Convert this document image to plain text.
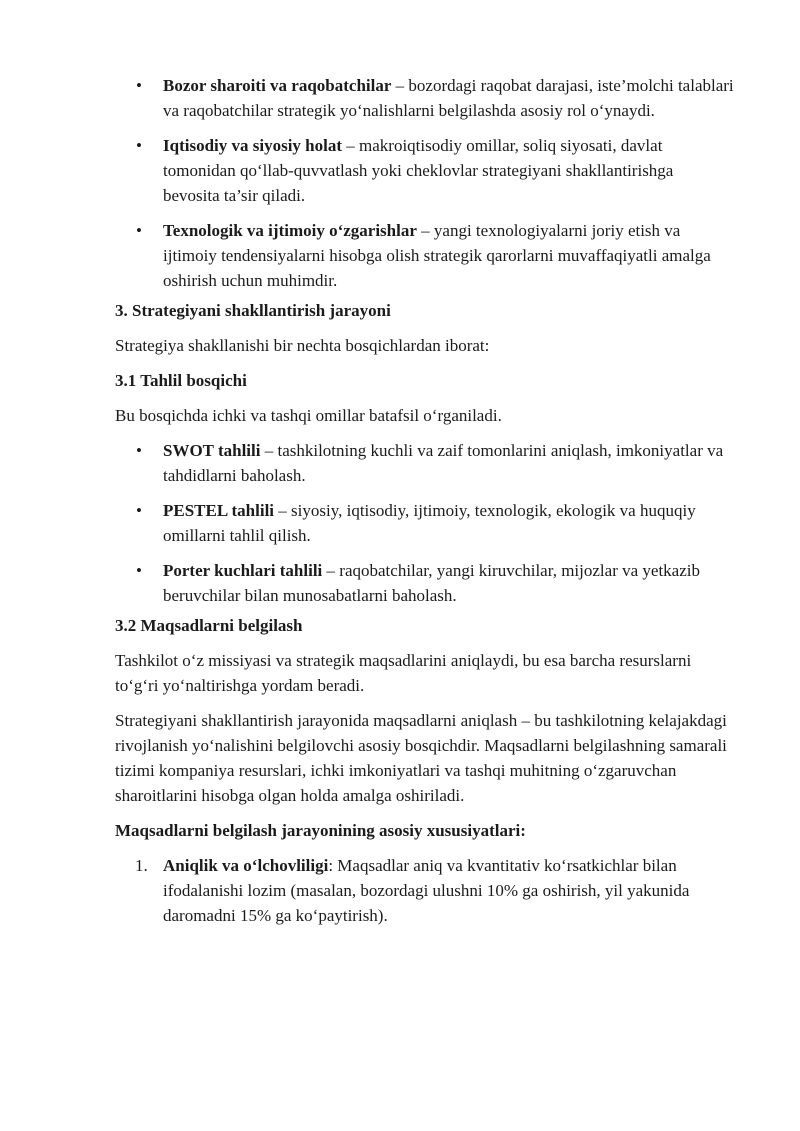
• Bozor sharoiti va raqobatchilar – bozordagi raqobat darajasi, iste’molchi talablari va raqobatchilar strategik yo‘nalishlarni belgilashda asosiy rol o‘ynaydi.
• Iqtisodiy va siyosiy holat – makroiqtisodiy omillar, soliq siyosati, davlat tomonidan qo‘llab-quvvatlash yoki cheklovlar strategiyani shakllantirishga bevosita ta’sir qiladi.
• Texnologik va ijtimoiy o‘zgarishlar – yangi texnologiyalarni joriy etish va ijtimoiy tendensiyalarni hisobga olish strategik qarorlarni muvaffaqiyatli amalga oshirish uchun muhimdir.

3. Strategiyani shakllantirish jarayoni

Strategiya shakllanishi bir nechta bosqichlardan iborat:

3.1 Tahlil bosqichi

Bu bosqichda ichki va tashqi omillar batafsil o‘rganiladi.

• SWOT tahlili – tashkilotning kuchli va zaif tomonlarini aniqlash, imkoniyatlar va tahdidlarni baholash.
• PESTEL tahlili – siyosiy, iqtisodiy, ijtimoiy, texnologik, ekologik va huquqiy omillarni tahlil qilish.
• Porter kuchlari tahlili – raqobatchilar, yangi kiruvchilar, mijozlar va yetkazib beruvchilar bilan munosabatlarni baholash.

3.2 Maqsadlarni belgilash

Tashkilot o‘z missiyasi va strategik maqsadlarini aniqlaydi, bu esa barcha resurslarni to‘g‘ri yo‘naltirishga yordam beradi.

Strategiyani shakllantirish jarayonida maqsadlarni aniqlash – bu tashkilotning kelajakdagi rivojlanish yo‘nalishini belgilovchi asosiy bosqichdir. Maqsadlarni belgilashning samarali tizimi kompaniya resurslari, ichki imkoniyatlari va tashqi muhitning o‘zgaruvchan sharoitlarini hisobga olgan holda amalga oshiriladi.

Maqsadlarni belgilash jarayonining asosiy xususiyatlari:

1. Aniqlik va o‘lchovliligi: Maqsadlar aniq va kvantitativ ko‘rsatkichlar bilan ifodalanishi lozim (masalan, bozordagi ulushni 10% ga oshirish, yil yakunida daromadni 15% ga ko‘paytirish).
